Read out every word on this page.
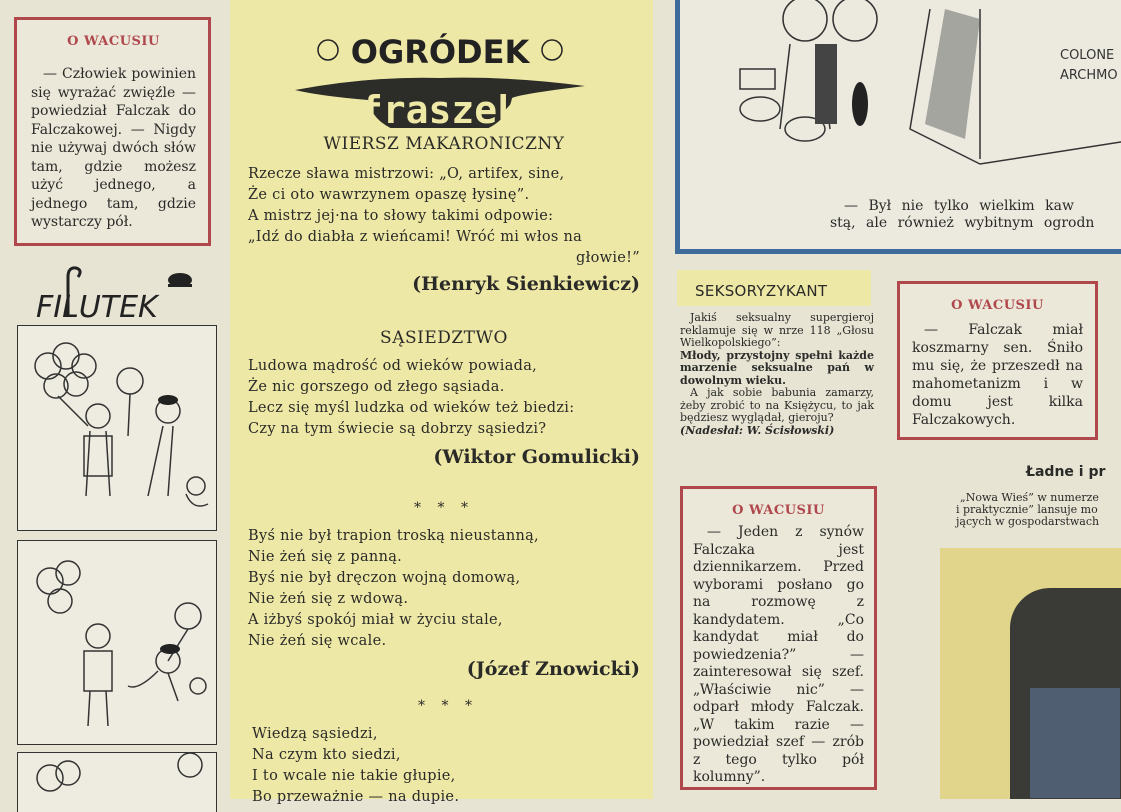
O WACUSIU
— Człowiek powinien się wyrażać zwięźle — powiedział Falczak do Falczakowej. — Nigdy nie używaj dwóch słów tam, gdzie możesz użyć jednego, a jednego tam, gdzie wystarczy pół.
FILUTEK
OGRÓDEK
fraszek
WIERSZ MAKARONICZNY
Rzecze sława mistrzowi: „O, artifex, sine,
Że ci oto wawrzynem opaszę łysinę”.
A mistrz jej·na to słowy takimi odpowie:
„Idź do diabła z wieńcami! Wróć mi włos na
głowie!”
(Henryk Sienkiewicz)
SĄSIEDZTWO
Ludowa mądrość od wieków powiada,
Że nic gorszego od złego sąsiada.
Lecz się myśl ludzka od wieków też biedzi:
Czy na tym świecie są dobrzy sąsiedzi?
(Wiktor Gomulicki)
* * *
Byś nie był trapion troską nieustanną,
Nie żeń się z panną.
Byś nie był dręczon wojną domową,
Nie żeń się z wdową.
A iżbyś spokój miał w życiu stale,
Nie żeń się wcale.
(Józef Znowicki)
* * *
Wiedzą sąsiedzi,
Na czym kto siedzi,
I to wcale nie takie głupie,
Bo przeważnie — na dupie.
COLONE
ARCHMO
— Był nie tylko wielkim kaw
stą, ale również wybitnym ogrodn
SEKSORYZYKANT
Jakiś seksualny supergieroj reklamuje się w nrze 118 „Głosu Wielkopolskiego”:
Młody, przystojny spełni każde marzenie seksualne pań w dowolnym wieku.
A jak sobie babunia zamarzy, żeby zrobić to na Księżycu, to jak będziesz wyglądał, gieroju?
(Nadesłał: W. Ścisłowski)
O WACUSIU
— Falczak miał koszmarny sen. Śniło mu się, że przeszedł na mahometanizm i w domu jest kilka Falczakowych.
Ładne i pr
„Nowa Wieś” w numerze
i praktycznie” lansuje mo
jących w gospodarstwach
O WACUSIU
— Jeden z synów Falczaka jest dziennikarzem. Przed wyborami posłano go na rozmowę z kandydatem. „Co kandydat miał do powiedzenia?” — zainteresował się szef. „Właściwie nic” — odparł młody Falczak. „W takim razie — powiedział szef — zrób z tego tylko pół kolumny”.
